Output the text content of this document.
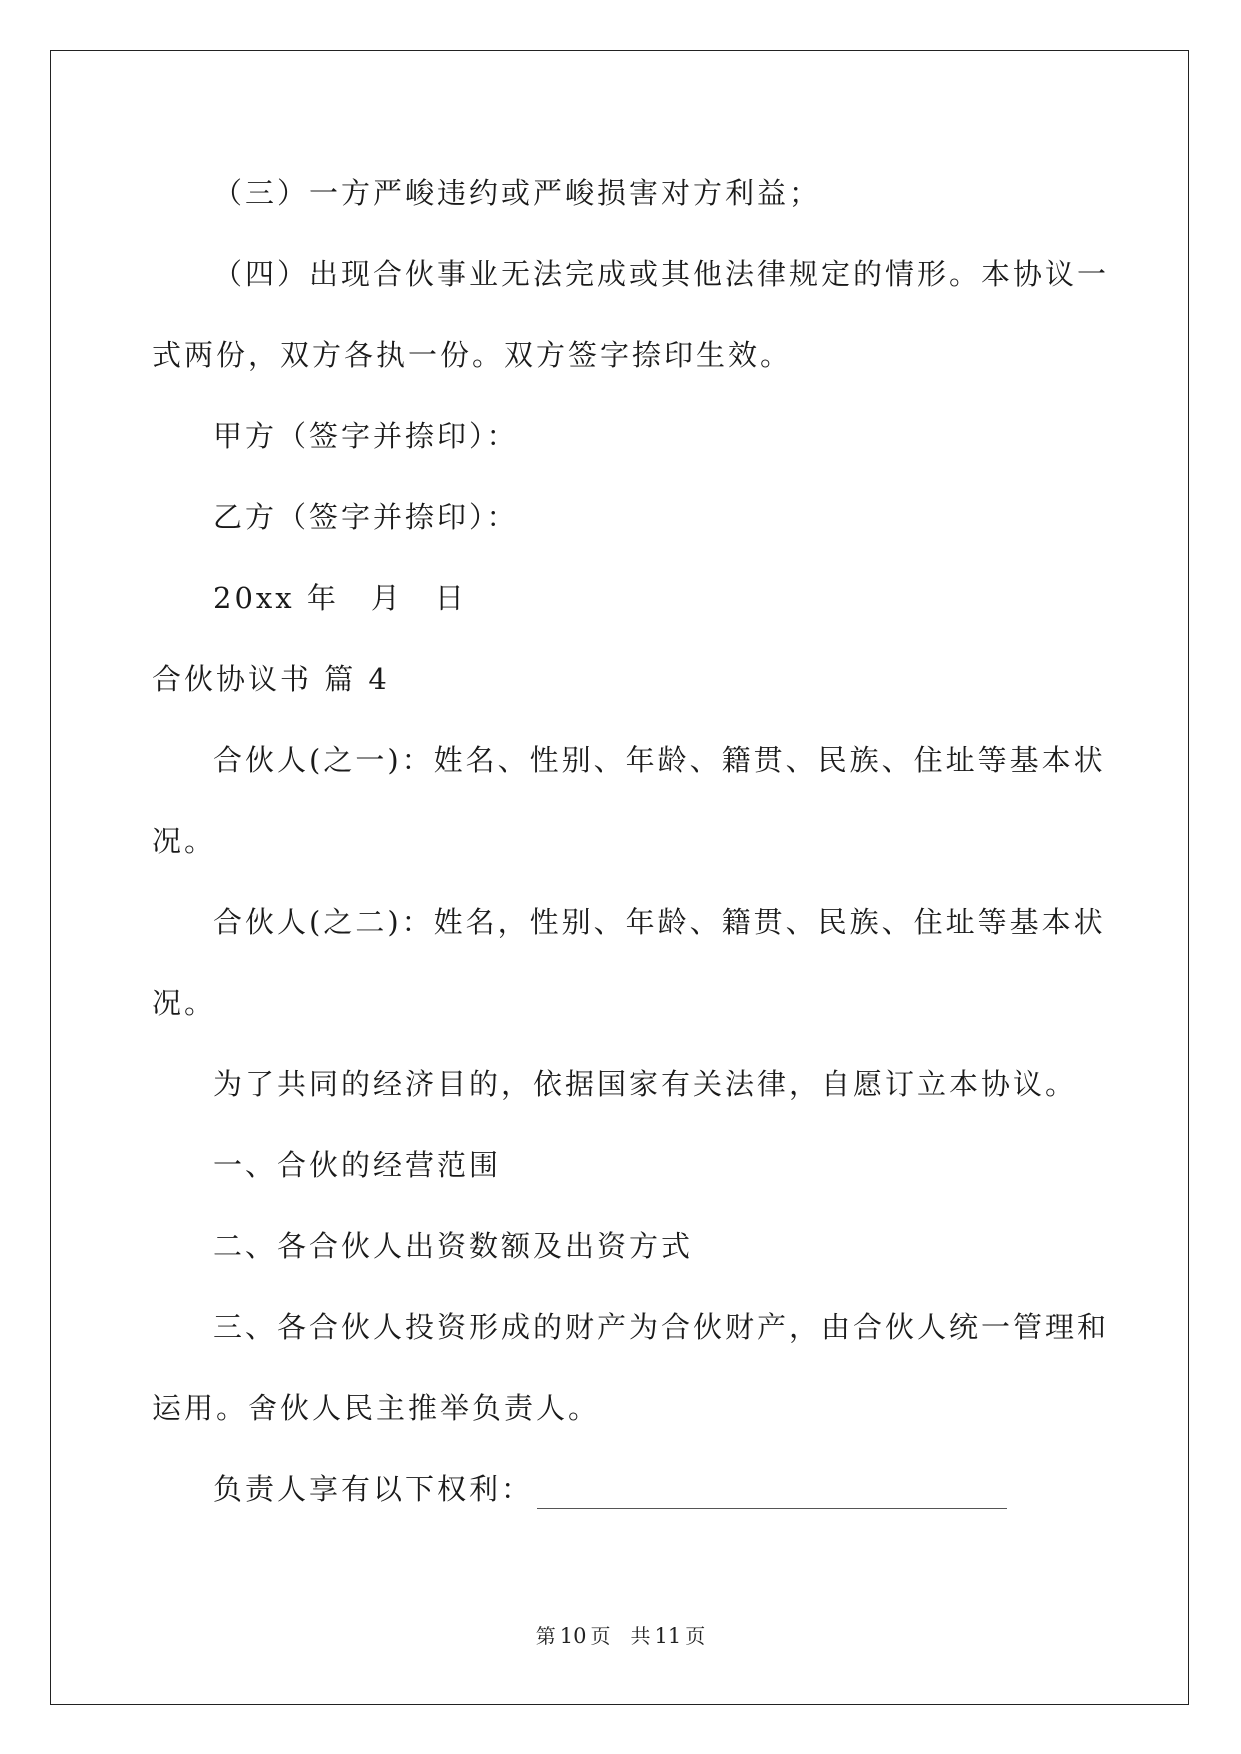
（三）一方严峻违约或严峻损害对方利益；

（四）出现合伙事业无法完成或其他法律规定的情形。本协议一

式两份，双方各执一份。双方签字捺印生效。

甲方（签字并捺印）：

乙方（签字并捺印）：

20xx 年　月　日

合伙协议书 篇 4

合伙人(之一)：姓名、性别、年龄、籍贯、民族、住址等基本状

况。

合伙人(之二)：姓名，性别、年龄、籍贯、民族、住址等基本状

况。

为了共同的经济目的，依据国家有关法律，自愿订立本协议。

一、合伙的经营范围

二、各合伙人出资数额及出资方式

三、各合伙人投资形成的财产为合伙财产，由合伙人统一管理和

运用。舍伙人民主推举负责人。

负责人享有以下权利：

第 10 页　共 11 页
